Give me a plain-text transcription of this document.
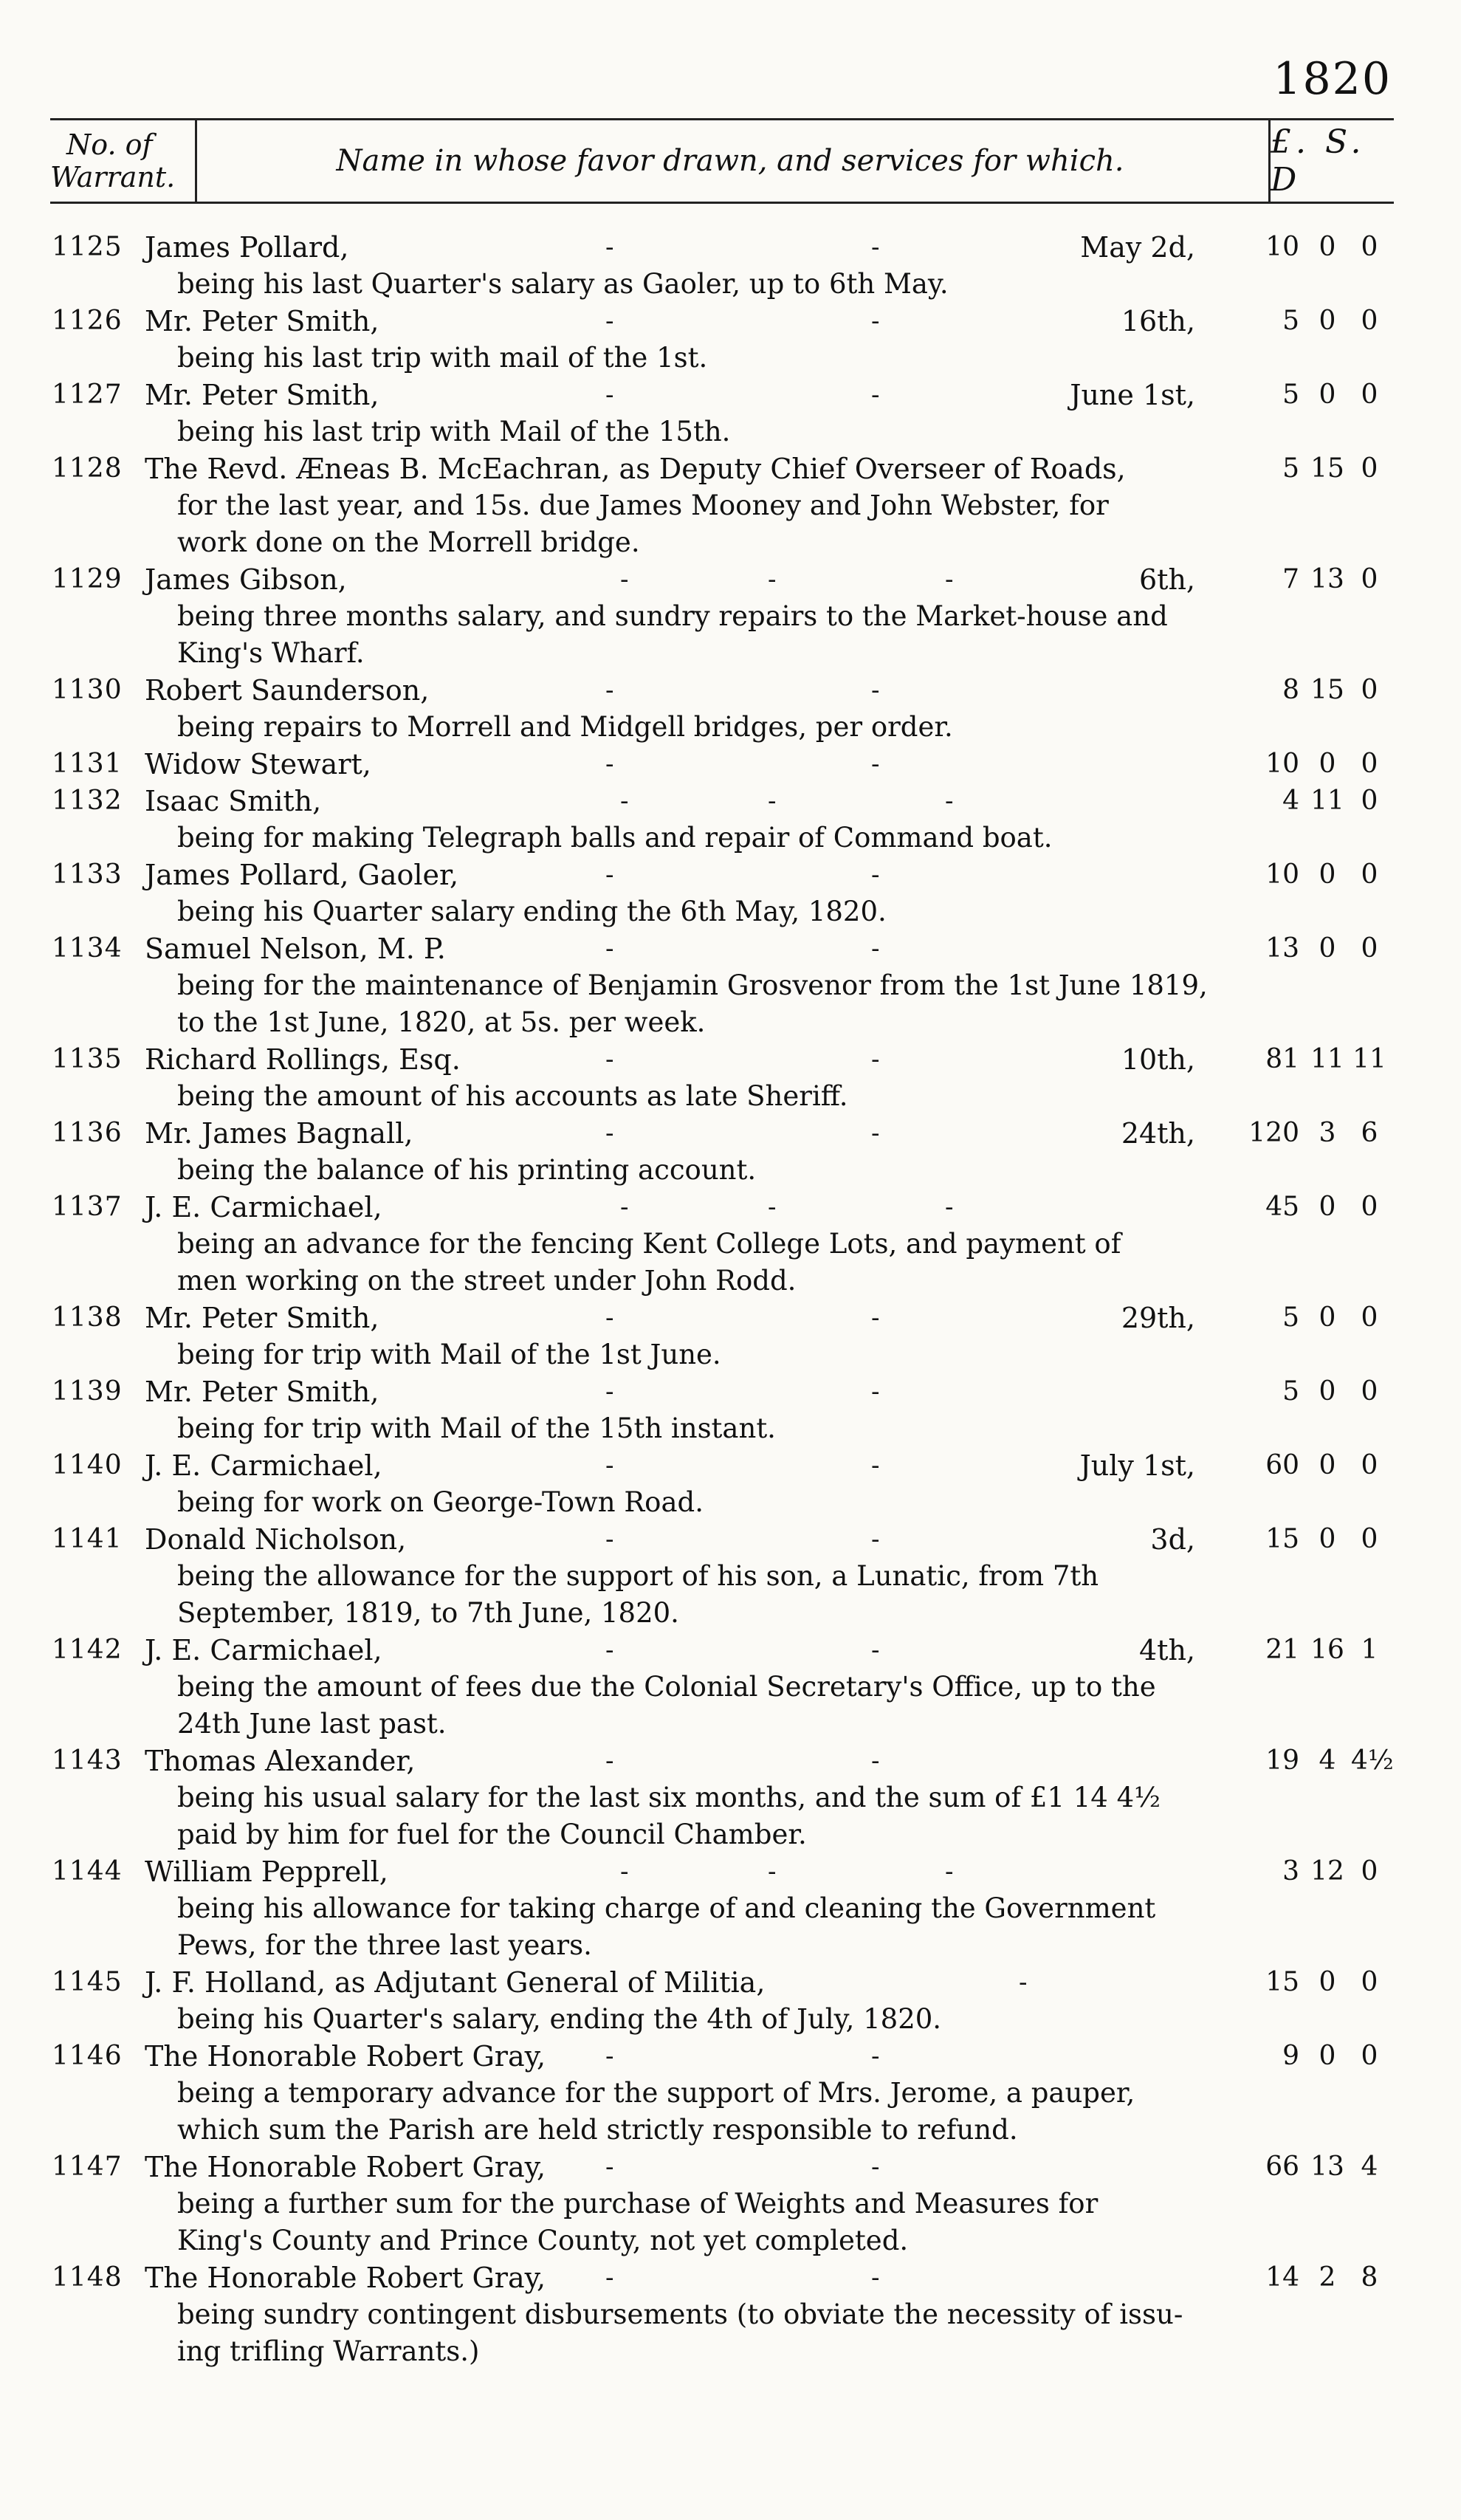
1820
No. of
Warrant.	Name in whose favor drawn, and services for which.	£. S. D
1125 James Pollard,	-	-	May 2d,	10 0 0
being his last Quarter's salary as Gaoler, up to 6th May.
1126 Mr. Peter Smith,	-	-	16th,	5 0 0
being his last trip with mail of the 1st.
1127 Mr. Peter Smith,	-	-	June 1st,	5 0 0
being his last trip with Mail of the 15th.
1128 The Revd. Æneas B. McEachran, as Deputy Chief Overseer of Roads,	5 15 0
for the last year, and 15s. due James Mooney and John Webster, for
work done on the Morrell bridge.
1129 James Gibson,	-	-	-	6th,	7 13 0
being three months salary, and sundry repairs to the Market-house and
King's Wharf.
1130 Robert Saunderson,	-	-	8 15 0
being repairs to Morrell and Midgell bridges, per order.
1131 Widow Stewart,	-	-	10 0 0
1132 Isaac Smith,	-	-	-	4 11 0
being for making Telegraph balls and repair of Command boat.
1133 James Pollard, Gaoler,	-	-	10 0 0
being his Quarter salary ending the 6th May, 1820.
1134 Samuel Nelson, M. P.	-	-	13 0 0
being for the maintenance of Benjamin Grosvenor from the 1st June 1819,
to the 1st June, 1820, at 5s. per week.
1135 Richard Rollings, Esq.	-	-	10th,	81 11 11
being the amount of his accounts as late Sheriff.
1136 Mr. James Bagnall,	-	-	24th,	120 3 6
being the balance of his printing account.
1137 J. E. Carmichael,	-	-	-	45 0 0
being an advance for the fencing Kent College Lots, and payment of
men working on the street under John Rodd.
1138 Mr. Peter Smith,	-	-	29th,	5 0 0
being for trip with Mail of the 1st June.
1139 Mr. Peter Smith,	-	-	5 0 0
being for trip with Mail of the 15th instant.
1140 J. E. Carmichael,	-	-	July 1st,	60 0 0
being for work on George-Town Road.
1141 Donald Nicholson,	-	-	3d,	15 0 0
being the allowance for the support of his son, a Lunatic, from 7th
September, 1819, to 7th June, 1820.
1142 J. E. Carmichael,	-	-	4th,	21 16 1
being the amount of fees due the Colonial Secretary's Office, up to the
24th June last past.
1143 Thomas Alexander,	-	-	19 4 4½
being his usual salary for the last six months, and the sum of £1 14 4½
paid by him for fuel for the Council Chamber.
1144 William Pepprell,	-	-	-	3 12 0
being his allowance for taking charge of and cleaning the Government
Pews, for the three last years.
1145 J. F. Holland, as Adjutant General of Militia,	-	15 0 0
being his Quarter's salary, ending the 4th of July, 1820.
1146 The Honorable Robert Gray, -	-	9 0 0
being a temporary advance for the support of Mrs. Jerome, a pauper,
which sum the Parish are held strictly responsible to refund.
1147 The Honorable Robert Gray, -	-	66 13 4
being a further sum for the purchase of Weights and Measures for
King's County and Prince County, not yet completed.
1148 The Honorable Robert Gray, -	-	14 2 8
being sundry contingent disbursements (to obviate the necessity of issu-
ing trifling Warrants.)
